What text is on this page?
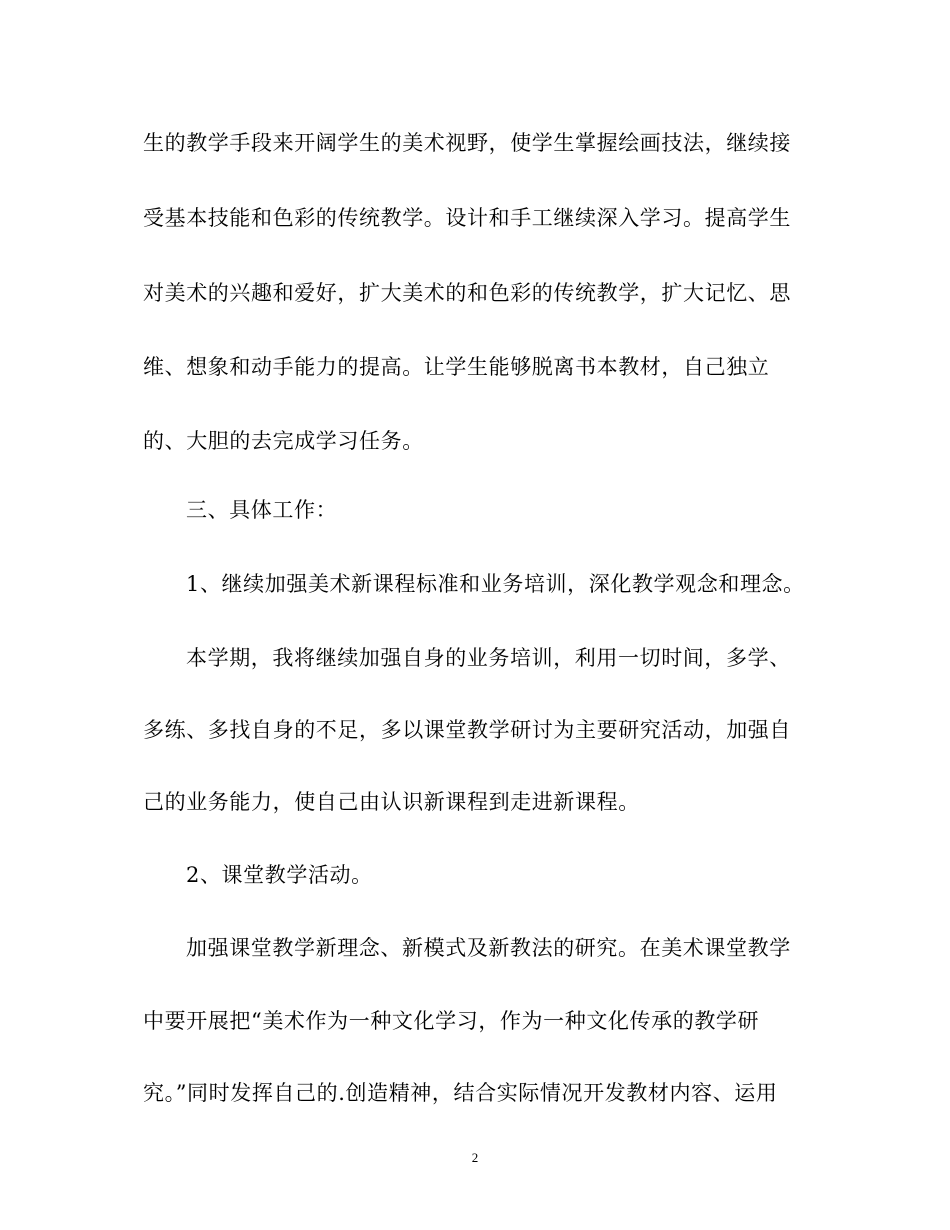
生的教学手段来开阔学生的美术视野，使学生掌握绘画技法，继续接
受基本技能和色彩的传统教学。设计和手工继续深入学习。提高学生
对美术的兴趣和爱好，扩大美术的和色彩的传统教学，扩大记忆、思
维、想象和动手能力的提高。让学生能够脱离书本教材，自己独立
的、大胆的去完成学习任务。
三、具体工作：
1、继续加强美术新课程标准和业务培训，深化教学观念和理念。
本学期，我将继续加强自身的业务培训，利用一切时间，多学、
多练、多找自身的不足，多以课堂教学研讨为主要研究活动，加强自
己的业务能力，使自己由认识新课程到走进新课程。
2、课堂教学活动。
加强课堂教学新理念、新模式及新教法的研究。在美术课堂教学
中要开展把“美术作为一种文化学习，作为一种文化传承的教学研
究。”同时发挥自己的.创造精神，结合实际情况开发教材内容、运用
2
